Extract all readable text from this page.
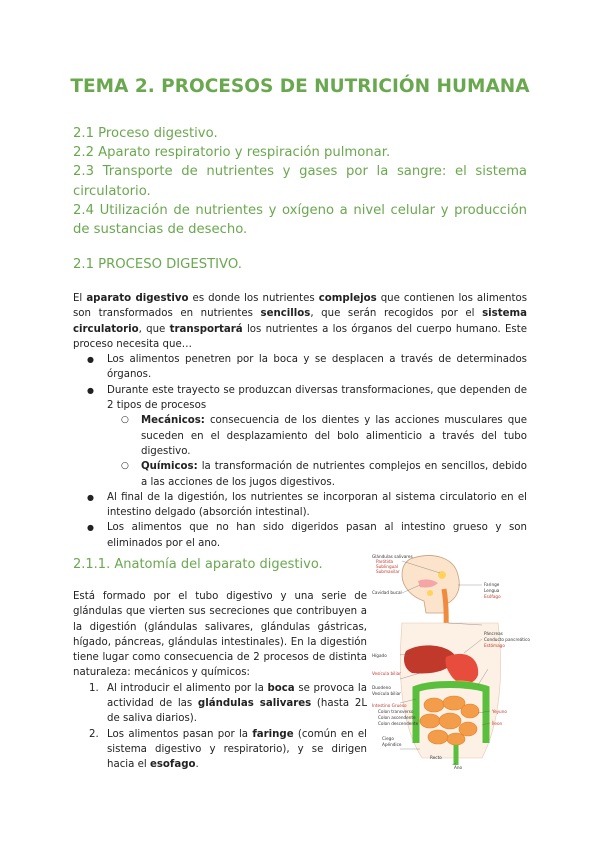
TEMA 2. PROCESOS DE NUTRICIÓN HUMANA
2.1 Proceso digestivo.
2.2 Aparato respiratorio y respiración pulmonar.
2.3 Transporte de nutrientes y gases por la sangre: el sistema circulatorio.
2.4 Utilización de nutrientes y oxígeno a nivel celular y producción de sustancias de desecho.
2.1 PROCESO DIGESTIVO.
El aparato digestivo es donde los nutrientes complejos que contienen los alimentos son transformados en nutrientes sencillos, que serán recogidos por el sistema circulatorio, que transportará los nutrientes a los órganos del cuerpo humano. Este proceso necesita que…
● Los alimentos penetren por la boca y se desplacen a través de determinados órganos.
● Durante este trayecto se produzcan diversas transformaciones, que dependen de 2 tipos de procesos
○ Mecánicos: consecuencia de los dientes y las acciones musculares que suceden en el desplazamiento del bolo alimenticio a través del tubo digestivo.
○ Químicos: la transformación de nutrientes complejos en sencillos, debido a las acciones de los jugos digestivos.
● Al final de la digestión, los nutrientes se incorporan al sistema circulatorio en el intestino delgado (absorción intestinal).
● Los alimentos que no han sido digeridos pasan al intestino grueso y son eliminados por el ano.
2.1.1. Anatomía del aparato digestivo.
Está formado por el tubo digestivo y una serie de glándulas que vierten sus secreciones que contribuyen a la digestión (glándulas salivares, glándulas gástricas, hígado, páncreas, glándulas intestinales). En la digestión tiene lugar como consecuencia de 2 procesos de distinta naturaleza: mecánicos y químicos:
1. Al introducir el alimento por la boca se provoca la actividad de las glándulas salivares (hasta 2L de saliva diarios).
2. Los alimentos pasan por la faringe (común en el sistema digestivo y respiratorio), y se dirigen hacia el esofago.
Glándulas salivares
Parótida
Sublingual
Submaxilar
Cavidad bucal
Faringe
Lengua
Esófago
Páncreas
Conducto pancreático
Estómago
Hígado
Vesícula biliar
Duodeno
Vesícula biliar
Intestino Grueso
Colon transverso
Colon ascendente
Colon descendente
Yeyuno
Íleon
Ciego
Apéndice
Recto
Ano
